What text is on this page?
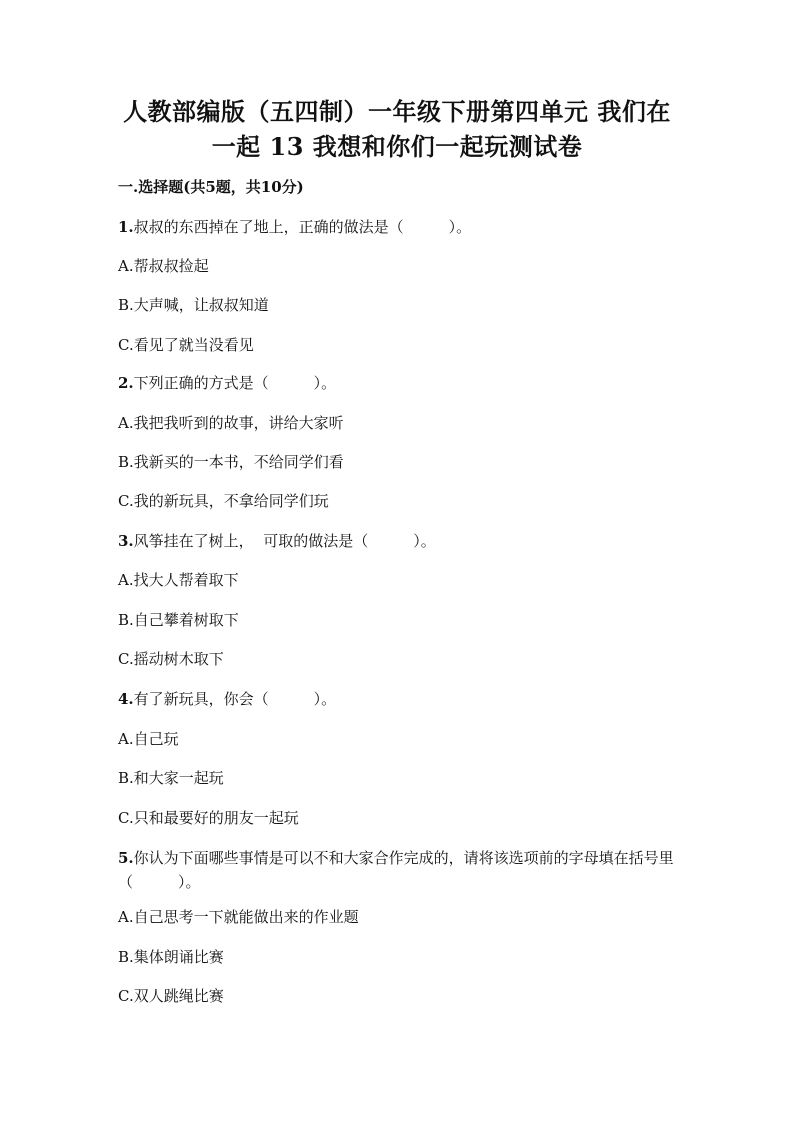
人教部编版（五四制）一年级下册第四单元 我们在
一起 13 我想和你们一起玩测试卷
一.选择题(共5题，共10分)
1.叔叔的东西掉在了地上，正确的做法是（　　　）。
A.帮叔叔捡起
B.大声喊，让叔叔知道
C.看见了就当没看见
2.下列正确的方式是（　　　）。
A.我把我听到的故事，讲给大家听
B.我新买的一本书，不给同学们看
C.我的新玩具，不拿给同学们玩
3.风筝挂在了树上，  可取的做法是（　　　）。
A.找大人帮着取下
B.自己攀着树取下
C.摇动树木取下
4.有了新玩具，你会（　　　）。
A.自己玩
B.和大家一起玩
C.只和最要好的朋友一起玩
5.你认为下面哪些事情是可以不和大家合作完成的，请将该选项前的字母填在括号里（　　　）。
A.自己思考一下就能做出来的作业题
B.集体朗诵比赛
C.双人跳绳比赛
